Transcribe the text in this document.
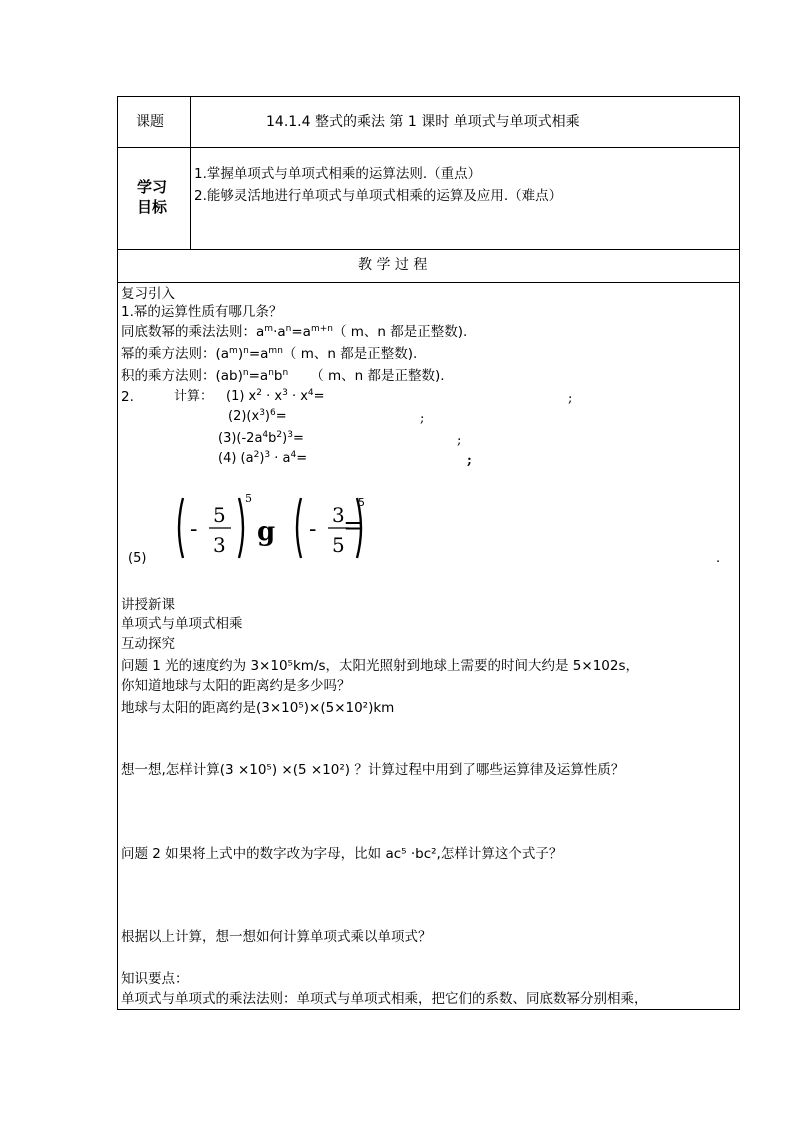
课题	14.1.4 整式的乘法 第 1 课时 单项式与单项式相乘
学习
目标
1.掌握单项式与单项式相乘的运算法则.（重点）
2.能够灵活地进行单项式与单项式相乘的运算及应用.（难点）
教 学 过 程
复习引入
1.幂的运算性质有哪几条？
同底数幂的乘法法则：$a^m\cdot a^n=a^{m+n}$（ m、n 都是正整数).
幂的乘方法则：$(a^m)^n=a^{mn}$（ m、n 都是正整数).
积的乘方法则：$(ab)^n=a^nb^n$ （ m、n 都是正整数).
2.	计算： (1) $x^2 \cdot x^3 \cdot x^4=$	;
$(2)(x^3)^6=$	;
$(3)(-2a^4b^2)^3=$	;
(4) $(a^2)^3 \cdot a^4=$	;
-
5
3
5
g -
3
5
5
=
(5)	.
讲授新课
单项式与单项式相乘
互动探究
问题 1 光的速度约为 3×10⁵km/s，太阳光照射到地球上需要的时间大约是 5×102s，
你知道地球与太阳的距离约是多少吗？
地球与太阳的距离约是(3×10⁵)×(5×10²)km
想一想,怎样计算(3 ×10⁵) ×(5 ×10²) ？计算过程中用到了哪些运算律及运算性质？
问题 2 如果将上式中的数字改为字母，比如 ac⁵ ·bc²,怎样计算这个式子？
根据以上计算，想一想如何计算单项式乘以单项式？
知识要点：
单项式与单项式的乘法法则：单项式与单项式相乘，把它们的系数、同底数幂分别相乘，
